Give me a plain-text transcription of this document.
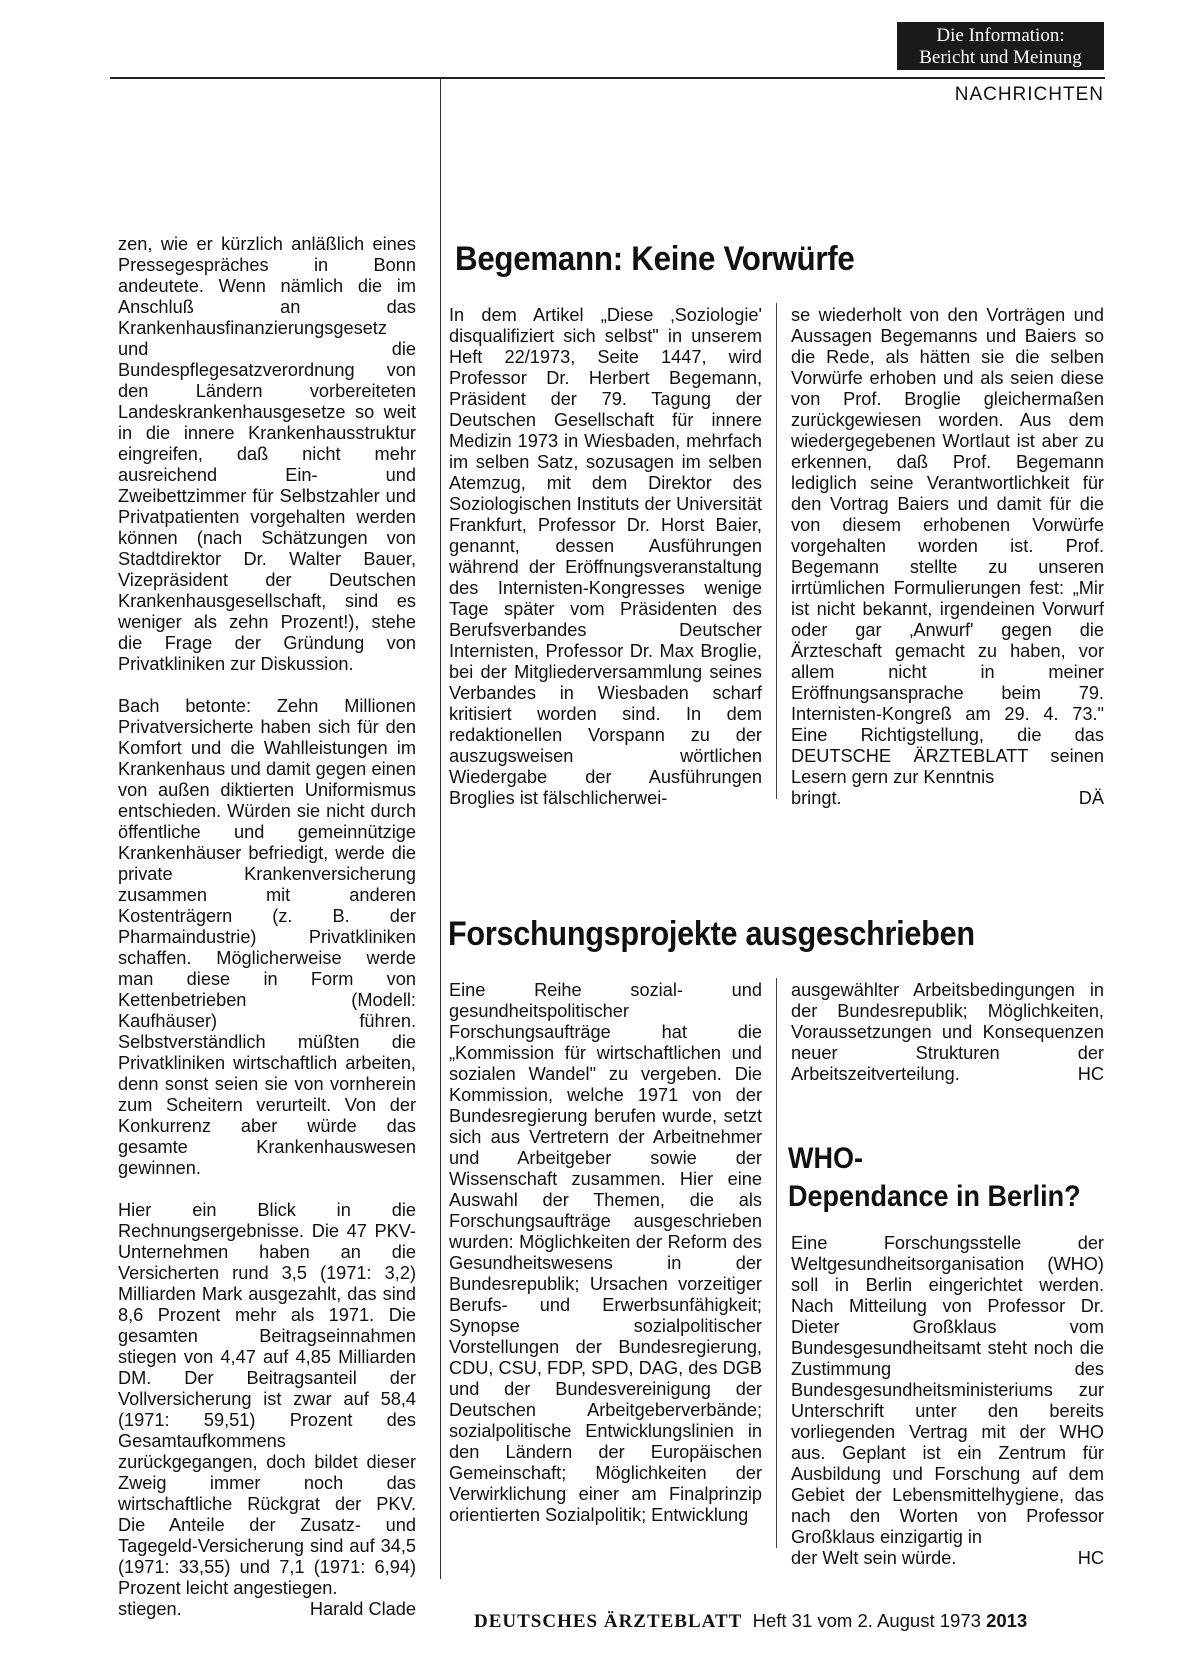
Die Information:
Bericht und Meinung
NACHRICHTEN

zen, wie er kürzlich anläßlich eines Pressegespräches in Bonn andeutete. Wenn nämlich die im Anschluß an das Krankenhausfinanzierungsgesetz und die Bundespflegesatzverordnung von den Ländern vorbereiteten Landeskrankenhausgesetze so weit in die innere Krankenhausstruktur eingreifen, daß nicht mehr ausreichend Ein- und Zweibettzimmer für Selbstzahler und Privatpatienten vorgehalten werden können (nach Schätzungen von Stadtdirektor Dr. Walter Bauer, Vizepräsident der Deutschen Krankenhausgesellschaft, sind es weniger als zehn Prozent!), stehe die Frage der Gründung von Privatkliniken zur Diskussion.

Bach betonte: Zehn Millionen Privatversicherte haben sich für den Komfort und die Wahlleistungen im Krankenhaus und damit gegen einen von außen diktierten Uniformismus entschieden. Würden sie nicht durch öffentliche und gemeinnützige Krankenhäuser befriedigt, werde die private Krankenversicherung zusammen mit anderen Kostenträgern (z. B. der Pharmaindustrie) Privatkliniken schaffen. Möglicherweise werde man diese in Form von Kettenbetrieben (Modell: Kaufhäuser) führen. Selbstverständlich müßten die Privatkliniken wirtschaftlich arbeiten, denn sonst seien sie von vornherein zum Scheitern verurteilt. Von der Konkurrenz aber würde das gesamte Krankenhauswesen gewinnen.

Hier ein Blick in die Rechnungsergebnisse. Die 47 PKV-Unternehmen haben an die Versicherten rund 3,5 (1971: 3,2) Milliarden Mark ausgezahlt, das sind 8,6 Prozent mehr als 1971. Die gesamten Beitragseinnahmen stiegen von 4,47 auf 4,85 Milliarden DM. Der Beitragsanteil der Vollversicherung ist zwar auf 58,4 (1971: 59,51) Prozent des Gesamtaufkommens zurückgegangen, doch bildet dieser Zweig immer noch das wirtschaftliche Rückgrat der PKV. Die Anteile der Zusatz- und Tagegeld-Versicherung sind auf 34,5 (1971: 33,55) und 7,1 (1971: 6,94) Prozent leicht angestiegen.

stiegen.	Harald Clade
Begemann: Keine Vorwürfe

In dem Artikel „Diese ‚Soziologie' disqualifiziert sich selbst" in unserem Heft 22/1973, Seite 1447, wird Professor Dr. Herbert Begemann, Präsident der 79. Tagung der Deutschen Gesellschaft für innere Medizin 1973 in Wiesbaden, mehrfach im selben Satz, sozusagen im selben Atemzug, mit dem Direktor des Soziologischen Instituts der Universität Frankfurt, Professor Dr. Horst Baier, genannt, dessen Ausführungen während der Eröffnungsveranstaltung des Internisten-Kongresses wenige Tage später vom Präsidenten des Berufsverbandes Deutscher Internisten, Professor Dr. Max Broglie, bei der Mitgliederversammlung seines Verbandes in Wiesbaden scharf kritisiert worden sind. In dem redaktionellen Vorspann zu der auszugsweisen wörtlichen Wiedergabe der Ausführungen Broglies ist fälschlicherwei-

se wiederholt von den Vorträgen und Aussagen Begemanns und Baiers so die Rede, als hätten sie die selben Vorwürfe erhoben und als seien diese von Prof. Broglie gleichermaßen zurückgewiesen worden. Aus dem wiedergegebenen Wortlaut ist aber zu erkennen, daß Prof. Begemann lediglich seine Verantwortlichkeit für den Vortrag Baiers und damit für die von diesem erhobenen Vorwürfe vorgehalten worden ist. Prof. Begemann stellte zu unseren irrtümlichen Formulierungen fest: „Mir ist nicht bekannt, irgendeinen Vorwurf oder gar ‚Anwurf' gegen die Ärzteschaft gemacht zu haben, vor allem nicht in meiner Eröffnungsansprache beim 79. Internisten-Kongreß am 29. 4. 73." Eine Richtigstellung, die das DEUTSCHE ÄRZTEBLATT seinen Lesern gern zur Kenntnis

bringt.	DÄ
Forschungsprojekte ausgeschrieben

Eine Reihe sozial- und gesundheitspolitischer Forschungsaufträge hat die „Kommission für wirtschaftlichen und sozialen Wandel" zu vergeben. Die Kommission, welche 1971 von der Bundesregierung berufen wurde, setzt sich aus Vertretern der Arbeitnehmer und Arbeitgeber sowie der Wissenschaft zusammen. Hier eine Auswahl der Themen, die als Forschungsaufträge ausgeschrieben wurden: Möglichkeiten der Reform des Gesundheitswesens in der Bundesrepublik; Ursachen vorzeitiger Berufs- und Erwerbsunfähigkeit; Synopse sozialpolitischer Vorstellungen der Bundesregierung, CDU, CSU, FDP, SPD, DAG, des DGB und der Bundesvereinigung der Deutschen Arbeitgeberverbände; sozialpolitische Entwicklungslinien in den Ländern der Europäischen Gemeinschaft; Möglichkeiten der Verwirklichung einer am Finalprinzip orientierten Sozialpolitik; Entwicklung

ausgewählter Arbeitsbedingungen in der Bundesrepublik; Möglichkeiten, Voraussetzungen und Konsequenzen neuer Strukturen der Arbeitszeitverteilung.	HC
WHO-
Dependance in Berlin?

Eine Forschungsstelle der Weltgesundheitsorganisation (WHO) soll in Berlin eingerichtet werden. Nach Mitteilung von Professor Dr. Dieter Großklaus vom Bundesgesundheitsamt steht noch die Zustimmung des Bundesgesundheitsministeriums zur Unterschrift unter den bereits vorliegenden Vertrag mit der WHO aus. Geplant ist ein Zentrum für Ausbildung und Forschung auf dem Gebiet der Lebensmittelhygiene, das nach den Worten von Professor Großklaus einzigartig in

der Welt sein würde.	HC
DEUTSCHES ÄRZTEBLATT Heft 31 vom 2. August 1973 2013
